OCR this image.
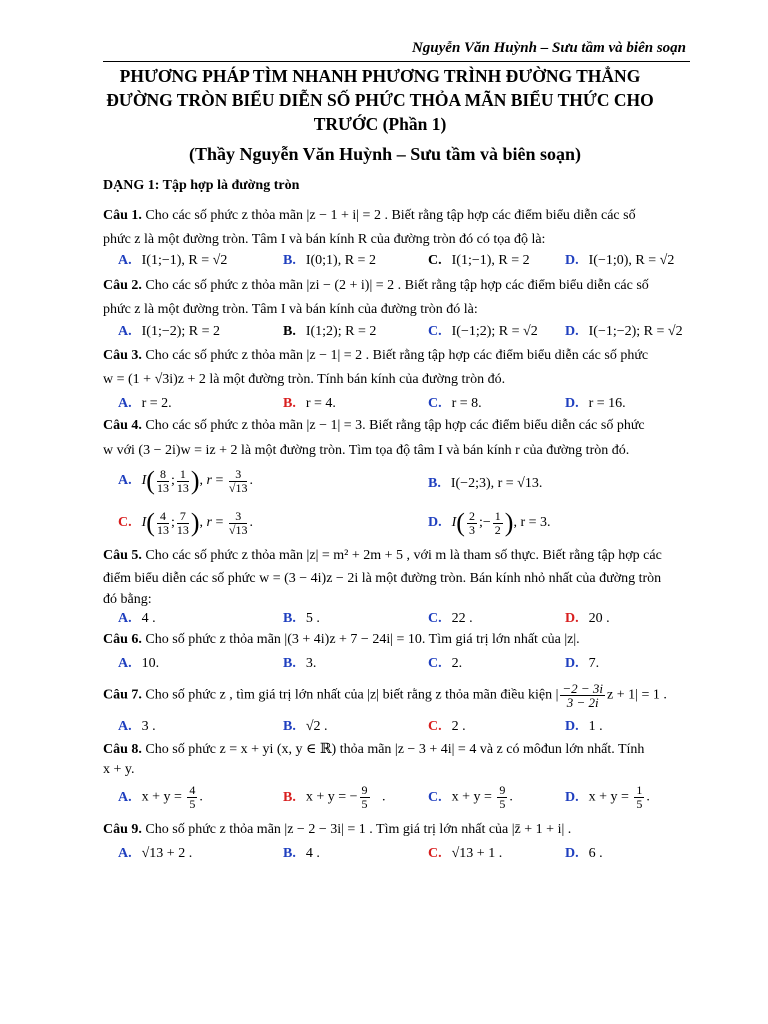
Nguyễn Văn Huỳnh – Sưu tầm và biên soạn
PHƯƠNG PHÁP TÌM NHANH PHƯƠNG TRÌNH ĐƯỜNG THẲNG
ĐƯỜNG TRÒN BIỂU DIỄN SỐ PHỨC THỎA MÃN BIỂU THỨC CHO
TRƯỚC (Phần 1)
(Thầy Nguyễn Văn Huỳnh – Sưu tầm và biên soạn)
DẠNG 1: Tập hợp là đường tròn
Câu 1. Cho các số phức z thỏa mãn |z − 1 + i| = 2 . Biết rằng tập hợp các điểm biểu diễn các số
phức z là một đường tròn. Tâm I và bán kính R của đường tròn đó có tọa độ là:
A. I(1;−1), R = √2	B. I(0;1), R = 2	C. I(1;−1), R = 2	D. I(−1;0), R = √2
Câu 2. Cho các số phức z thỏa mãn |zi − (2 + i)| = 2 . Biết rằng tập hợp các điểm biểu diễn các số
phức z là một đường tròn. Tâm I và bán kính của đường tròn đó là:
A. I(1;−2); R = 2	B. I(1;2); R = 2	C. I(−1;2); R = √2 D. I(−1;−2); R = √2
Câu 3. Cho các số phức z thỏa mãn |z − 1| = 2 . Biết rằng tập hợp các điểm biểu diễn các số phức
w = (1 + √3i)z + 2 là một đường tròn. Tính bán kính của đường tròn đó.
A. r = 2.	B. r = 4.	C. r = 8.	D. r = 16.
Câu 4. Cho các số phức z thỏa mãn |z − 1| = 3. Biết rằng tập hợp các điểm biểu diễn các số phức
w với (3 − 2i)w = iz + 2 là một đường tròn. Tìm tọa độ tâm I và bán kính r của đường tròn đó.
A. $I( \frac{8}{13}$ ; $\frac{1}{13}$ ), $r = \frac{3}{√13}$ .	B. I(−2;3), r = √13.
C. $I( \frac{4}{13}$ ; $\frac{7}{13}$ ), $r = \frac{3}{√13}$ .	D. $I( \frac{2}{3}$ ;− $\frac{1}{2}$ ), r = 3.
Câu 5. Cho các số phức z thỏa mãn |z| = m² + 2m + 5 , với m là tham số thực. Biết rằng tập hợp các
điểm biểu diễn các số phức w = (3 − 4i)z − 2i là một đường tròn. Bán kính nhỏ nhất của đường tròn
đó bằng:
A. 4 .	B. 5 .	C. 22 .	D. 20 .
Câu 6. Cho số phức z thỏa mãn |(3 + 4i)z + 7 − 24i| = 10. Tìm giá trị lớn nhất của |z|.
A. 10.	B. 3.	C. 2.	D. 7.
Câu 7. Cho số phức z , tìm giá trị lớn nhất của |z| biết rằng z thỏa mãn điều kiện | $\frac{-2 - 3i}{3 - 2i}$ z + 1| = 1 .
A. 3 .	B. √2 .	C. 2 .	D. 1 .
Câu 8. Cho số phức z = x + yi (x, y ∈ ℝ) thỏa mãn |z − 3 + 4i| = 4 và z có môđun lớn nhất. Tính
x + y.
A. $x + y = \frac{4}{5}$ .	B. x + y = − $\frac{9}{5}$ .	C. $x + y = \frac{9}{5}$ .	D. $x + y = \frac{1}{5}$ .
Câu 9. Cho số phức z thỏa mãn |z − 2 − 3i| = 1 . Tìm giá trị lớn nhất của |z̄ + 1 + i| .
A. √13 + 2 .	B. 4 .	C. √13 + 1 .	D. 6 .
